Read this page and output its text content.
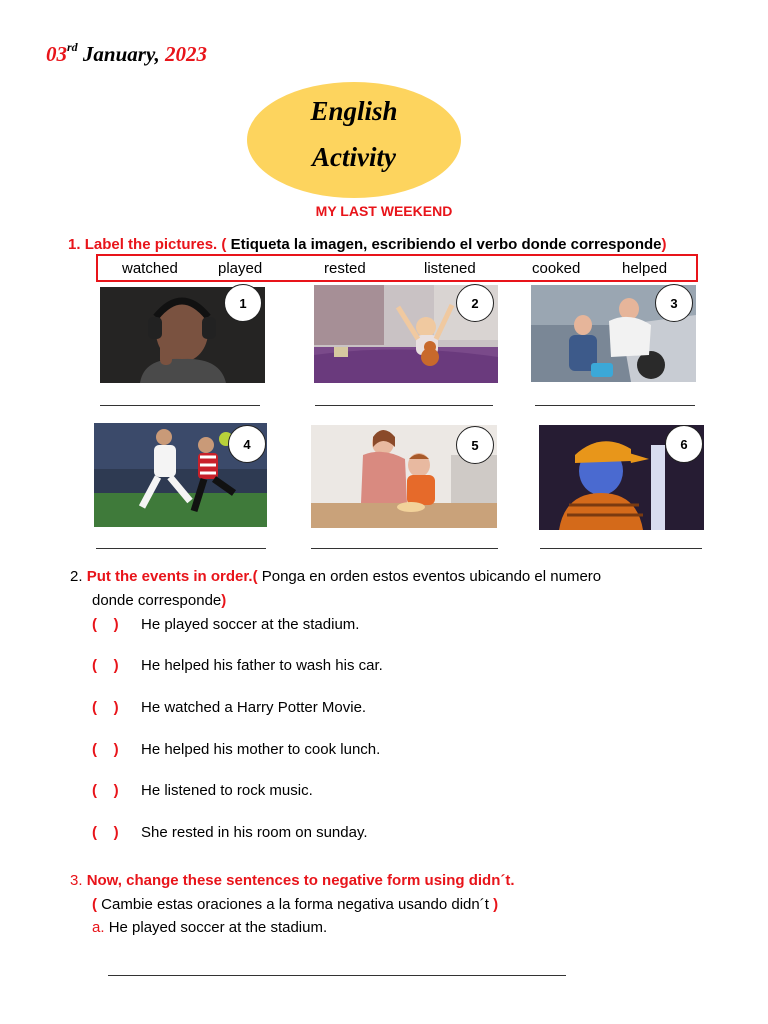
03rd January, 2023
English
Activity
MY LAST WEEKEND
1. Label the pictures. ( Etiqueta la imagen, escribiendo el verbo donde corresponde)
watched	played	rested	listened	cooked	helped
1	2	3
4	5	6
2. Put the events in order.( Ponga en orden estos eventos ubicando el numero
donde corresponde)
(    ) He played soccer at the stadium.
(    ) He helped his father to wash his car.
(    ) He watched a Harry Potter Movie.
(    ) He helped his mother to cook lunch.
(    ) He listened to rock music.
(    ) She rested in his room on sunday.
3. Now, change these sentences to negative form using didn´t.
( Cambie estas oraciones a la forma negativa usando didn´t )
a. He played soccer at the stadium.
